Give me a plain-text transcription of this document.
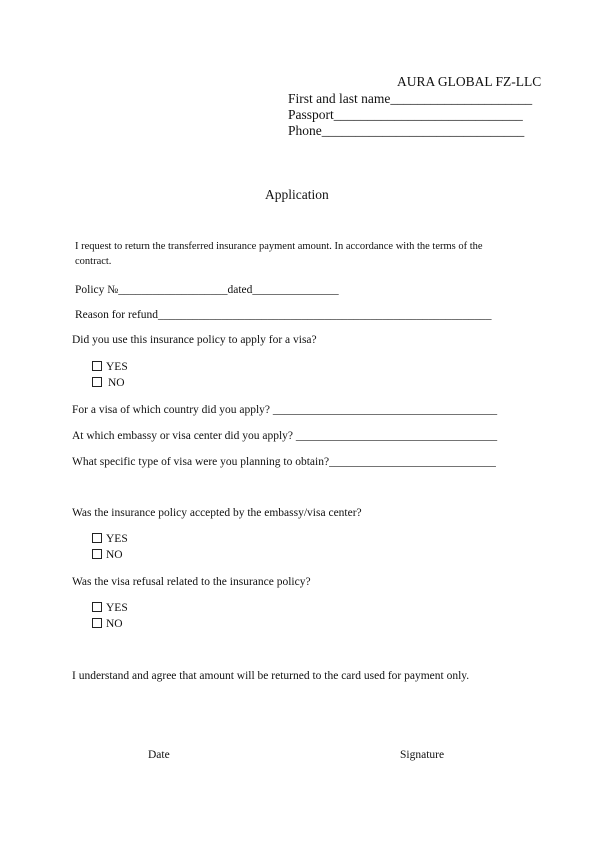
AURA GLOBAL FZ-LLC
First and last name_____________________
Passport____________________________
Phone______________________________
Application
I request to return the transferred insurance payment amount. In accordance with the terms of the
contract.
Policy №___________________dated_______________
Reason for refund__________________________________________________________
Did you use this insurance policy to apply for a visa?
YES
NO
For a visa of which country did you apply? _______________________________________
At which embassy or visa center did you apply? ___________________________________
What specific type of visa were you planning to obtain?_____________________________
Was the insurance policy accepted by the embassy/visa center?
YES
NO
Was the visa refusal related to the insurance policy?
YES
NO
I understand and agree that amount will be returned to the card used for payment only.
Date	Signature
